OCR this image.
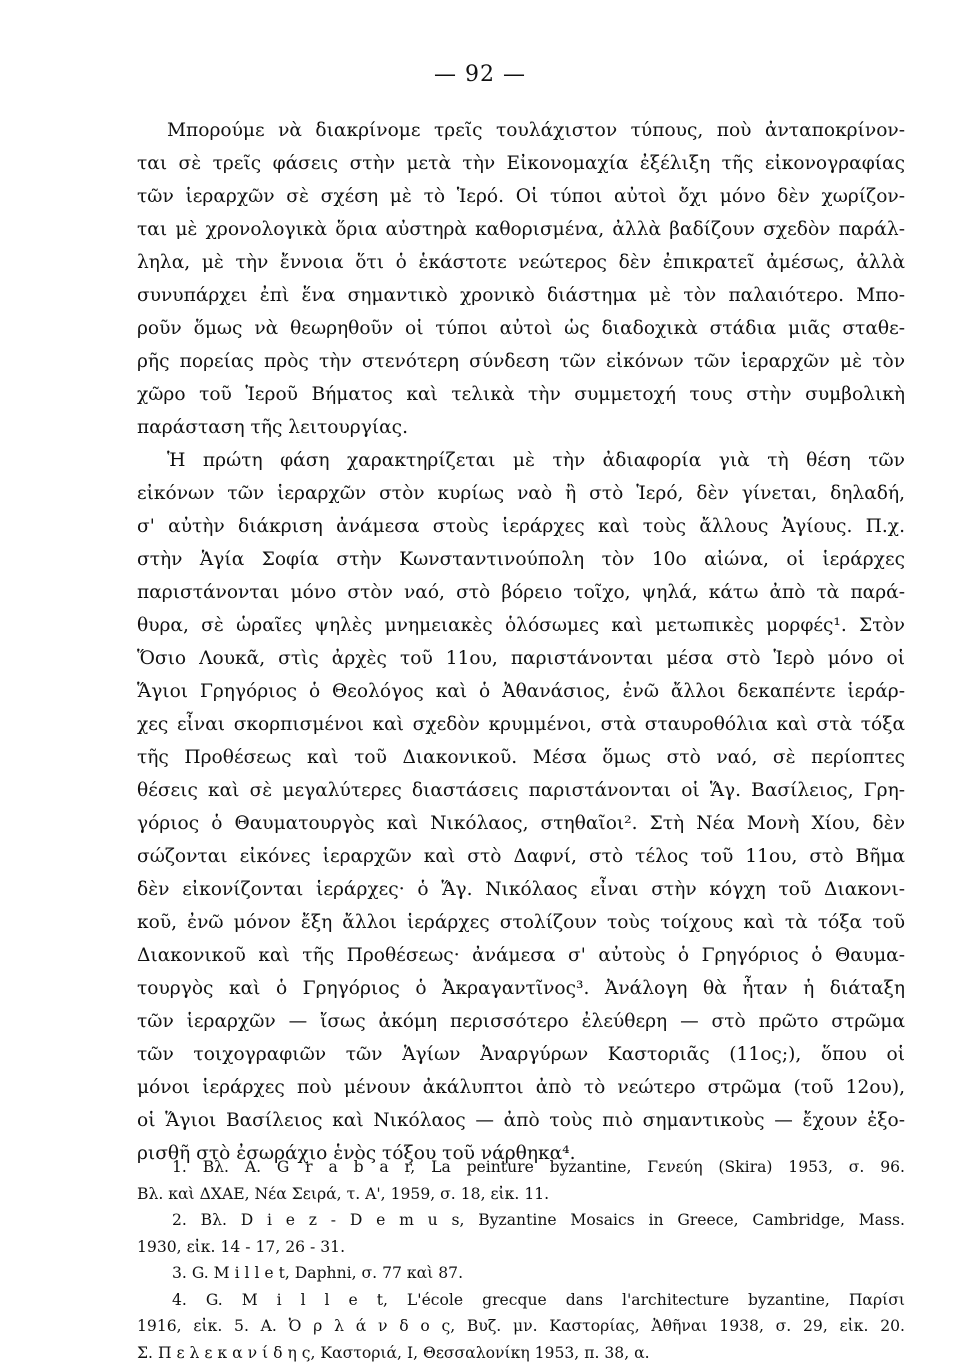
— 92 —

Μπορούμε νὰ διακρίνομε τρεῖς τουλάχιστον τύπους, ποὺ ἀνταποκρίνον-
ται σὲ τρεῖς φάσεις στὴν μετὰ τὴν Εἰκονομαχία ἐξέλιξη τῆς εἰκονογραφίας
τῶν ἱεραρχῶν σὲ σχέση μὲ τὸ Ἱερό. Οἱ τύποι αὐτοὶ ὄχι μόνο δὲν χωρίζον-
ται μὲ χρονολογικὰ ὅρια αὐστηρὰ καθορισμένα, ἀλλὰ βαδίζουν σχεδὸν παράλ-
ληλα, μὲ τὴν ἔννοια ὅτι ὁ ἑκάστοτε νεώτερος δὲν ἐπικρατεῖ ἀμέσως, ἀλλὰ
συνυπάρχει ἐπὶ ἕνα σημαντικὸ χρονικὸ διάστημα μὲ τὸν παλαιότερο. Μπο-
ροῦν ὅμως νὰ θεωρηθοῦν οἱ τύποι αὐτοὶ ὡς διαδοχικὰ στάδια μιᾶς σταθε-
ρῆς πορείας πρὸς τὴν στενότερη σύνδεση τῶν εἰκόνων τῶν ἱεραρχῶν μὲ τὸν
χῶρο τοῦ Ἱεροῦ Βήματος καὶ τελικὰ τὴν συμμετοχή τους στὴν συμβολικὴ
παράσταση τῆς λειτουργίας.

Ἡ πρώτη φάση χαρακτηρίζεται μὲ τὴν ἀδιαφορία γιὰ τὴ θέση τῶν
εἰκόνων τῶν ἱεραρχῶν στὸν κυρίως ναὸ ἢ στὸ Ἱερό, δὲν γίνεται, δηλαδή,
σ' αὐτὴν διάκριση ἀνάμεσα στοὺς ἱεράρχες καὶ τοὺς ἄλλους Ἁγίους. Π.χ.
στὴν Ἁγία Σοφία στὴν Κωνσταντινούπολη τὸν 10ο αἰώνα, οἱ ἱεράρχες
παριστάνονται μόνο στὸν ναό, στὸ βόρειο τοῖχο, ψηλά, κάτω ἀπὸ τὰ παρά-
θυρα, σὲ ὡραῖες ψηλὲς μνημειακὲς ὁλόσωμες καὶ μετωπικὲς μορφές¹. Στὸν
Ὅσιο Λουκᾶ, στὶς ἀρχὲς τοῦ 11ου, παριστάνονται μέσα στὸ Ἱερὸ μόνο οἱ
Ἅγιοι Γρηγόριος ὁ Θεολόγος καὶ ὁ Ἀθανάσιος, ἐνῶ ἄλλοι δεκαπέντε ἱεράρ-
χες εἶναι σκορπισμένοι καὶ σχεδὸν κρυμμένοι, στὰ σταυροθόλια καὶ στὰ τόξα
τῆς Προθέσεως καὶ τοῦ Διακονικοῦ. Μέσα ὅμως στὸ ναό, σὲ περίοπτες
θέσεις καὶ σὲ μεγαλύτερες διαστάσεις παριστάνονται οἱ Ἅγ. Βασίλειος, Γρη-
γόριος ὁ Θαυματουργὸς καὶ Νικόλαος, στηθαῖοι². Στὴ Νέα Μονὴ Χίου, δὲν
σώζονται εἰκόνες ἱεραρχῶν καὶ στὸ Δαφνί, στὸ τέλος τοῦ 11ου, στὸ Βῆμα
δὲν εἰκονίζονται ἱεράρχες· ὁ Ἅγ. Νικόλαος εἶναι στὴν κόγχη τοῦ Διακονι-
κοῦ, ἐνῶ μόνον ἔξη ἄλλοι ἱεράρχες στολίζουν τοὺς τοίχους καὶ τὰ τόξα τοῦ
Διακονικοῦ καὶ τῆς Προθέσεως· ἀνάμεσα σ' αὐτοὺς ὁ Γρηγόριος ὁ Θαυμα-
τουργὸς καὶ ὁ Γρηγόριος ὁ Ἀκραγαντῖνος³. Ἀνάλογη θὰ ἦταν ἡ διάταξη
τῶν ἱεραρχῶν — ἴσως ἀκόμη περισσότερο ἐλεύθερη — στὸ πρῶτο στρῶμα
τῶν τοιχογραφιῶν τῶν Ἁγίων Ἀναργύρων Καστοριᾶς (11ος;), ὅπου οἱ
μόνοι ἱεράρχες ποὺ μένουν ἀκάλυπτοι ἀπὸ τὸ νεώτερο στρῶμα (τοῦ 12ου),
οἱ Ἅγιοι Βασίλειος καὶ Νικόλαος — ἀπὸ τοὺς πιὸ σημαντικοὺς — ἔχουν ἐξο-
ρισθῆ στὸ ἐσωράχιο ἑνὸς τόξου τοῦ νάρθηκα⁴.

1. Βλ. A. G r a b a r, La peinture byzantine, Γενεύη (Skira) 1953, σ. 96.
Βλ. καὶ ΔΧΑΕ, Νέα Σειρά, τ. Α', 1959, σ. 18, εἰκ. 11.
2. Βλ. D i e z - D e m u s, Byzantine Mosaics in Greece, Cambridge, Mass.
1930, εἰκ. 14 - 17, 26 - 31.
3. G. M i l l e t, Daphni, σ. 77 καὶ 87.
4. G. M i l l e t, L'école grecque dans l'architecture byzantine, Παρίσι
1916, εἰκ. 5. Α. Ὀ ρ λ ά ν δ ο ς, Βυζ. μν. Καστορίας, Ἀθῆναι 1938, σ. 29, εἰκ. 20.
Σ. Π ε λ ε κ α ν ί δ η ς, Καστοριά, Ι, Θεσσαλονίκη 1953, π. 38, α.
